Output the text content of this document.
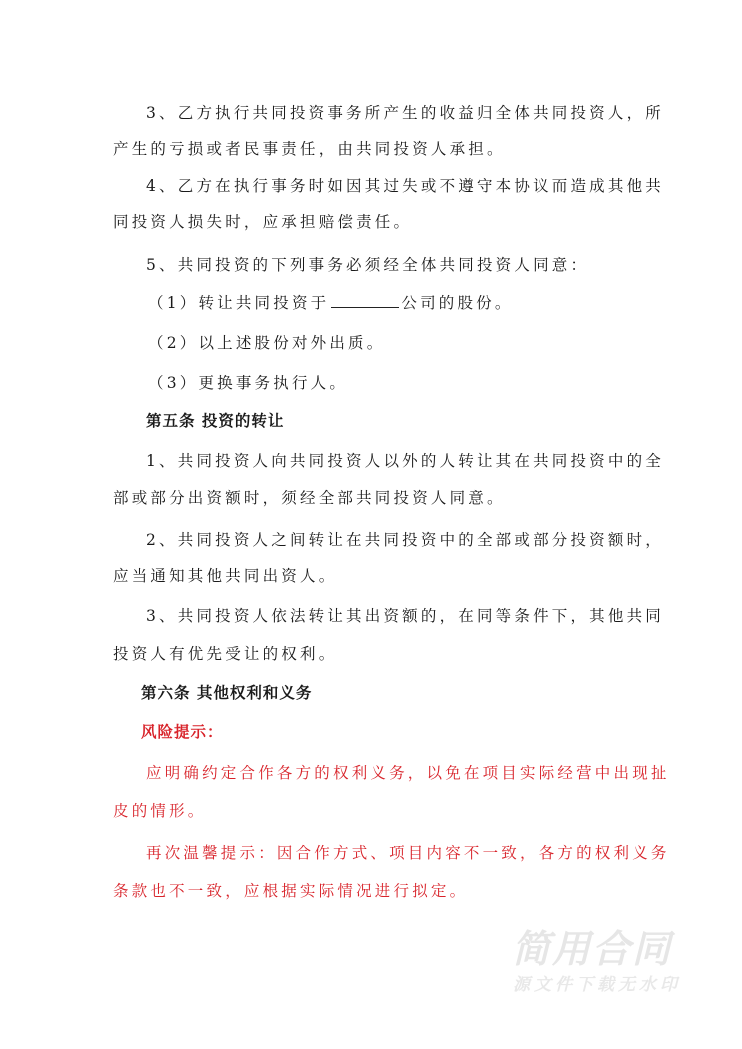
3、乙方执行共同投资事务所产生的收益归全体共同投资人，所
产生的亏损或者民事责任，由共同投资人承担。
4、乙方在执行事务时如因其过失或不遵守本协议而造成其他共
同投资人损失时，应承担赔偿责任。
5、共同投资的下列事务必须经全体共同投资人同意：
（1）转让共同投资于	公司的股份。
（2）以上述股份对外出质。
（3）更换事务执行人。
第五条 投资的转让
1、共同投资人向共同投资人以外的人转让其在共同投资中的全
部或部分出资额时，须经全部共同投资人同意。
2、共同投资人之间转让在共同投资中的全部或部分投资额时，
应当通知其他共同出资人。
3、共同投资人依法转让其出资额的，在同等条件下，其他共同
投资人有优先受让的权利。
第六条 其他权利和义务
风险提示：
应明确约定合作各方的权利义务，以免在项目实际经营中出现扯
皮的情形。
再次温馨提示：因合作方式、项目内容不一致，各方的权利义务
条款也不一致，应根据实际情况进行拟定。
简用合同
源文件下载无水印
